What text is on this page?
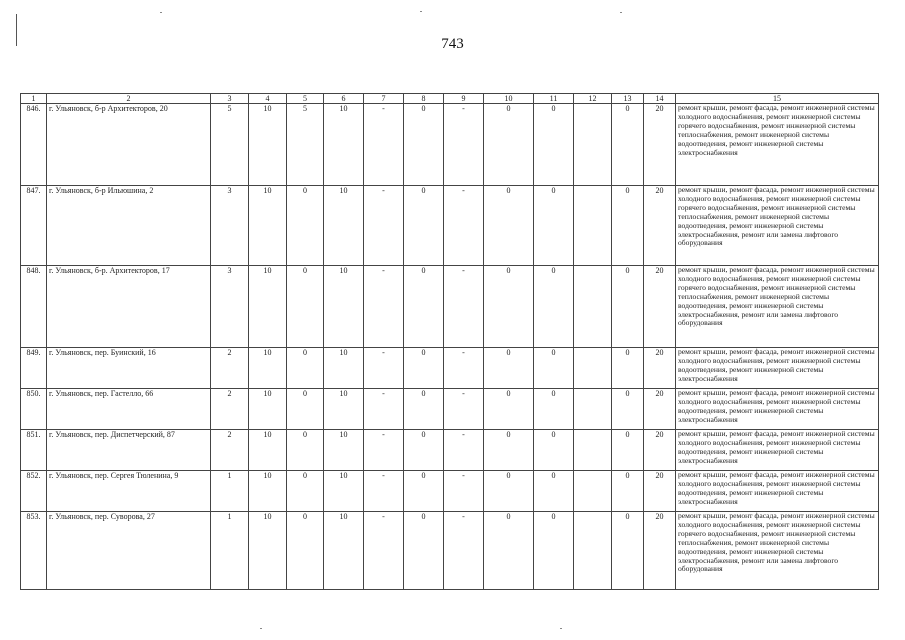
743
1	2	3	4	5	6	7	8	9	10	11	12	13	14	15
846.	г. Ульяновск, б-р Архитекторов, 20	5	10	5	10	-	0	-	0	0		0	20	ремонт крыши, ремонт фасада, ремонт инженерной системы холодного водоснабжения, ремонт инженерной системы горячего водоснабжения, ремонт инженерной системы теплоснабжения, ремонт инженерной системы водоотведения, ремонт инженерной системы электроснабжения
847.	г. Ульяновск, б-р Ильюшина, 2	3	10	0	10	-	0	-	0	0		0	20	ремонт крыши, ремонт фасада, ремонт инженерной системы холодного водоснабжения, ремонт инженерной системы горячего водоснабжения, ремонт инженерной системы теплоснабжения, ремонт инженерной системы водоотведения, ремонт инженерной системы электроснабжения, ремонт или замена лифтового оборудования
848.	г. Ульяновск, б-р. Архитекторов, 17	3	10	0	10	-	0	-	0	0		0	20	ремонт крыши, ремонт фасада, ремонт инженерной системы холодного водоснабжения, ремонт инженерной системы горячего водоснабжения, ремонт инженерной системы теплоснабжения, ремонт инженерной системы водоотведения, ремонт инженерной системы электроснабжения, ремонт или замена лифтового оборудования
849.	г. Ульяновск, пер. Буинский, 16	2	10	0	10	-	0	-	0	0		0	20	ремонт крыши, ремонт фасада, ремонт инженерной системы холодного водоснабжения, ремонт инженерной системы водоотведения, ремонт инженерной системы электроснабжения
850.	г. Ульяновск, пер. Гастелло, 66	2	10	0	10	-	0	-	0	0		0	20	ремонт крыши, ремонт фасада, ремонт инженерной системы холодного водоснабжения, ремонт инженерной системы водоотведения, ремонт инженерной системы электроснабжения
851.	г. Ульяновск, пер. Диспетчерский, 87	2	10	0	10	-	0	-	0	0		0	20	ремонт крыши, ремонт фасада, ремонт инженерной системы холодного водоснабжения, ремонт инженерной системы водоотведения, ремонт инженерной системы электроснабжения
852.	г. Ульяновск, пер. Сергея Тюленина, 9	1	10	0	10	-	0	-	0	0		0	20	ремонт крыши, ремонт фасада, ремонт инженерной системы холодного водоснабжения, ремонт инженерной системы водоотведения, ремонт инженерной системы электроснабжения
853.	г. Ульяновск, пер. Суворова, 27	1	10	0	10	-	0	-	0	0		0	20	ремонт крыши, ремонт фасада, ремонт инженерной системы холодного водоснабжения, ремонт инженерной системы горячего водоснабжения, ремонт инженерной системы теплоснабжения, ремонт инженерной системы водоотведения, ремонт инженерной системы электроснабжения, ремонт или замена лифтового оборудования
